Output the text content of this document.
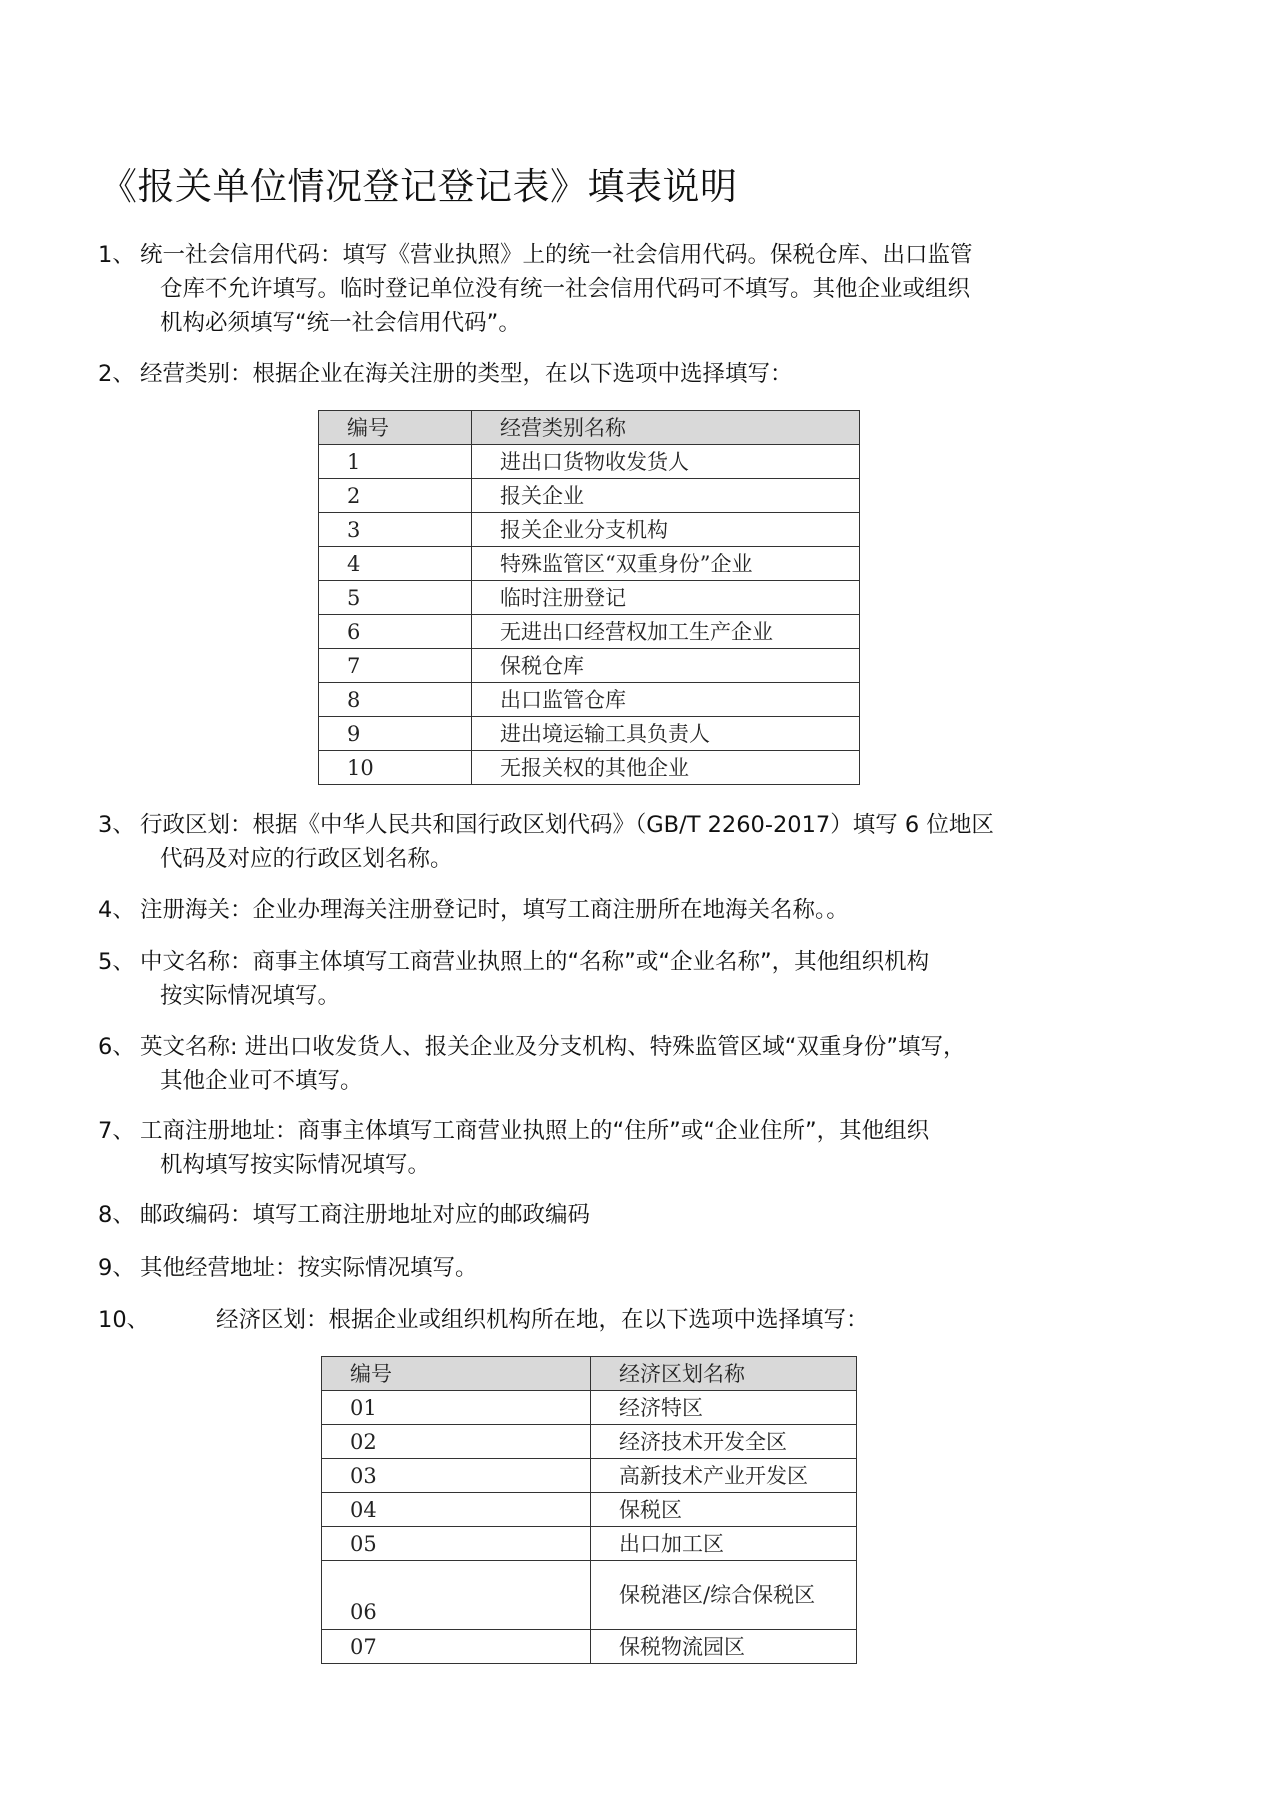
《报关单位情况登记登记表》填表说明
1、 统一社会信用代码：填写《营业执照》上的统一社会信用代码。保税仓库、出口监管
仓库不允许填写。临时登记单位没有统一社会信用代码可不填写。其他企业或组织
机构必须填写“统一社会信用代码”。
2、 经营类别：根据企业在海关注册的类型，在以下选项中选择填写：
编号	经营类别名称
1	进出口货物收发货人
2	报关企业
3	报关企业分支机构
4	特殊监管区“双重身份”企业
5	临时注册登记
6	无进出口经营权加工生产企业
7	保税仓库
8	出口监管仓库
9	进出境运输工具负责人
10	无报关权的其他企业
3、 行政区划：根据《中华人民共和国行政区划代码》（GB/T 2260-2017）填写 6 位地区
代码及对应的行政区划名称。
4、 注册海关：企业办理海关注册登记时，填写工商注册所在地海关名称。。
5、 中文名称：商事主体填写工商营业执照上的“名称”或“企业名称”，其他组织机构
按实际情况填写。
6、 英文名称: 进出口收发货人、报关企业及分支机构、特殊监管区域“双重身份”填写，
其他企业可不填写。
7、 工商注册地址：商事主体填写工商营业执照上的“住所”或“企业住所”，其他组织
机构填写按实际情况填写。
8、 邮政编码：填写工商注册地址对应的邮政编码
9、 其他经营地址：按实际情况填写。
10、	经济区划：根据企业或组织机构所在地，在以下选项中选择填写：
编号	经济区划名称
01	经济特区
02	经济技术开发全区
03	高新技术产业开发区
04	保税区
05	出口加工区
06	保税港区/综合保税区
07	保税物流园区
